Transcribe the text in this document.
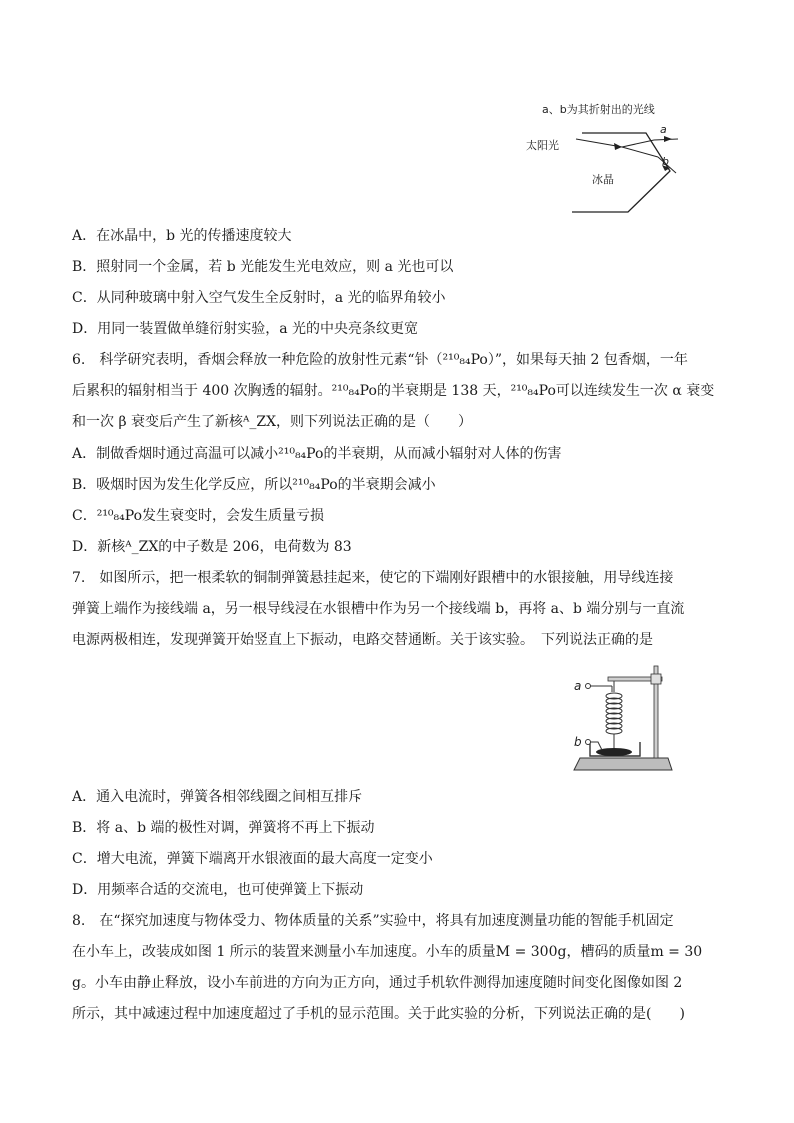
a、b为其折射出的光线
a
b
太阳光
冰晶
A．在冰晶中，b 光的传播速度较大
B．照射同一个金属，若 b 光能发生光电效应，则 a 光也可以
C．从同种玻璃中射入空气发生全反射时，a 光的临界角较小
D．用同一装置做单缝衍射实验，a 光的中央亮条纹更宽
6.　科学研究表明，香烟会释放一种危险的放射性元素“钋（²¹⁰₈₄Po）”，如果每天抽 2 包香烟，一年
后累积的辐射相当于 400 次胸透的辐射。²¹⁰₈₄Po的半衰期是 138 天，²¹⁰₈₄Po可以连续发生一次 α 衰变
和一次 β 衰变后产生了新核ᴬ_ZX，则下列说法正确的是（　　）
A．制做香烟时通过高温可以减小²¹⁰₈₄Po的半衰期，从而减小辐射对人体的伤害
B．吸烟时因为发生化学反应，所以²¹⁰₈₄Po的半衰期会减小
C．²¹⁰₈₄Po发生衰变时，会发生质量亏损
D．新核ᴬ_ZX的中子数是 206，电荷数为 83
7.　如图所示，把一根柔软的铜制弹簧悬挂起来，使它的下端刚好跟槽中的水银接触，用导线连接
弹簧上端作为接线端 a，另一根导线浸在水银槽中作为另一个接线端 b，再将 a、b 端分别与一直流
电源两极相连，发现弹簧开始竖直上下振动，电路交替通断。关于该实验。　下列说法正确的是
a
b
A．通入电流时，弹簧各相邻线圈之间相互排斥
B．将 a、b 端的极性对调，弹簧将不再上下振动
C．增大电流，弹簧下端离开水银液面的最大高度一定变小
D．用频率合适的交流电，也可使弹簧上下振动
8.　在“探究加速度与物体受力、物体质量的关系”实验中，将具有加速度测量功能的智能手机固定
在小车上，改装成如图 1 所示的装置来测量小车加速度。小车的质量M = 300g，槽码的质量m = 30
g。小车由静止释放，设小车前进的方向为正方向，通过手机软件测得加速度随时间变化图像如图 2
所示，其中减速过程中加速度超过了手机的显示范围。关于此实验的分析，下列说法正确的是(　　)
